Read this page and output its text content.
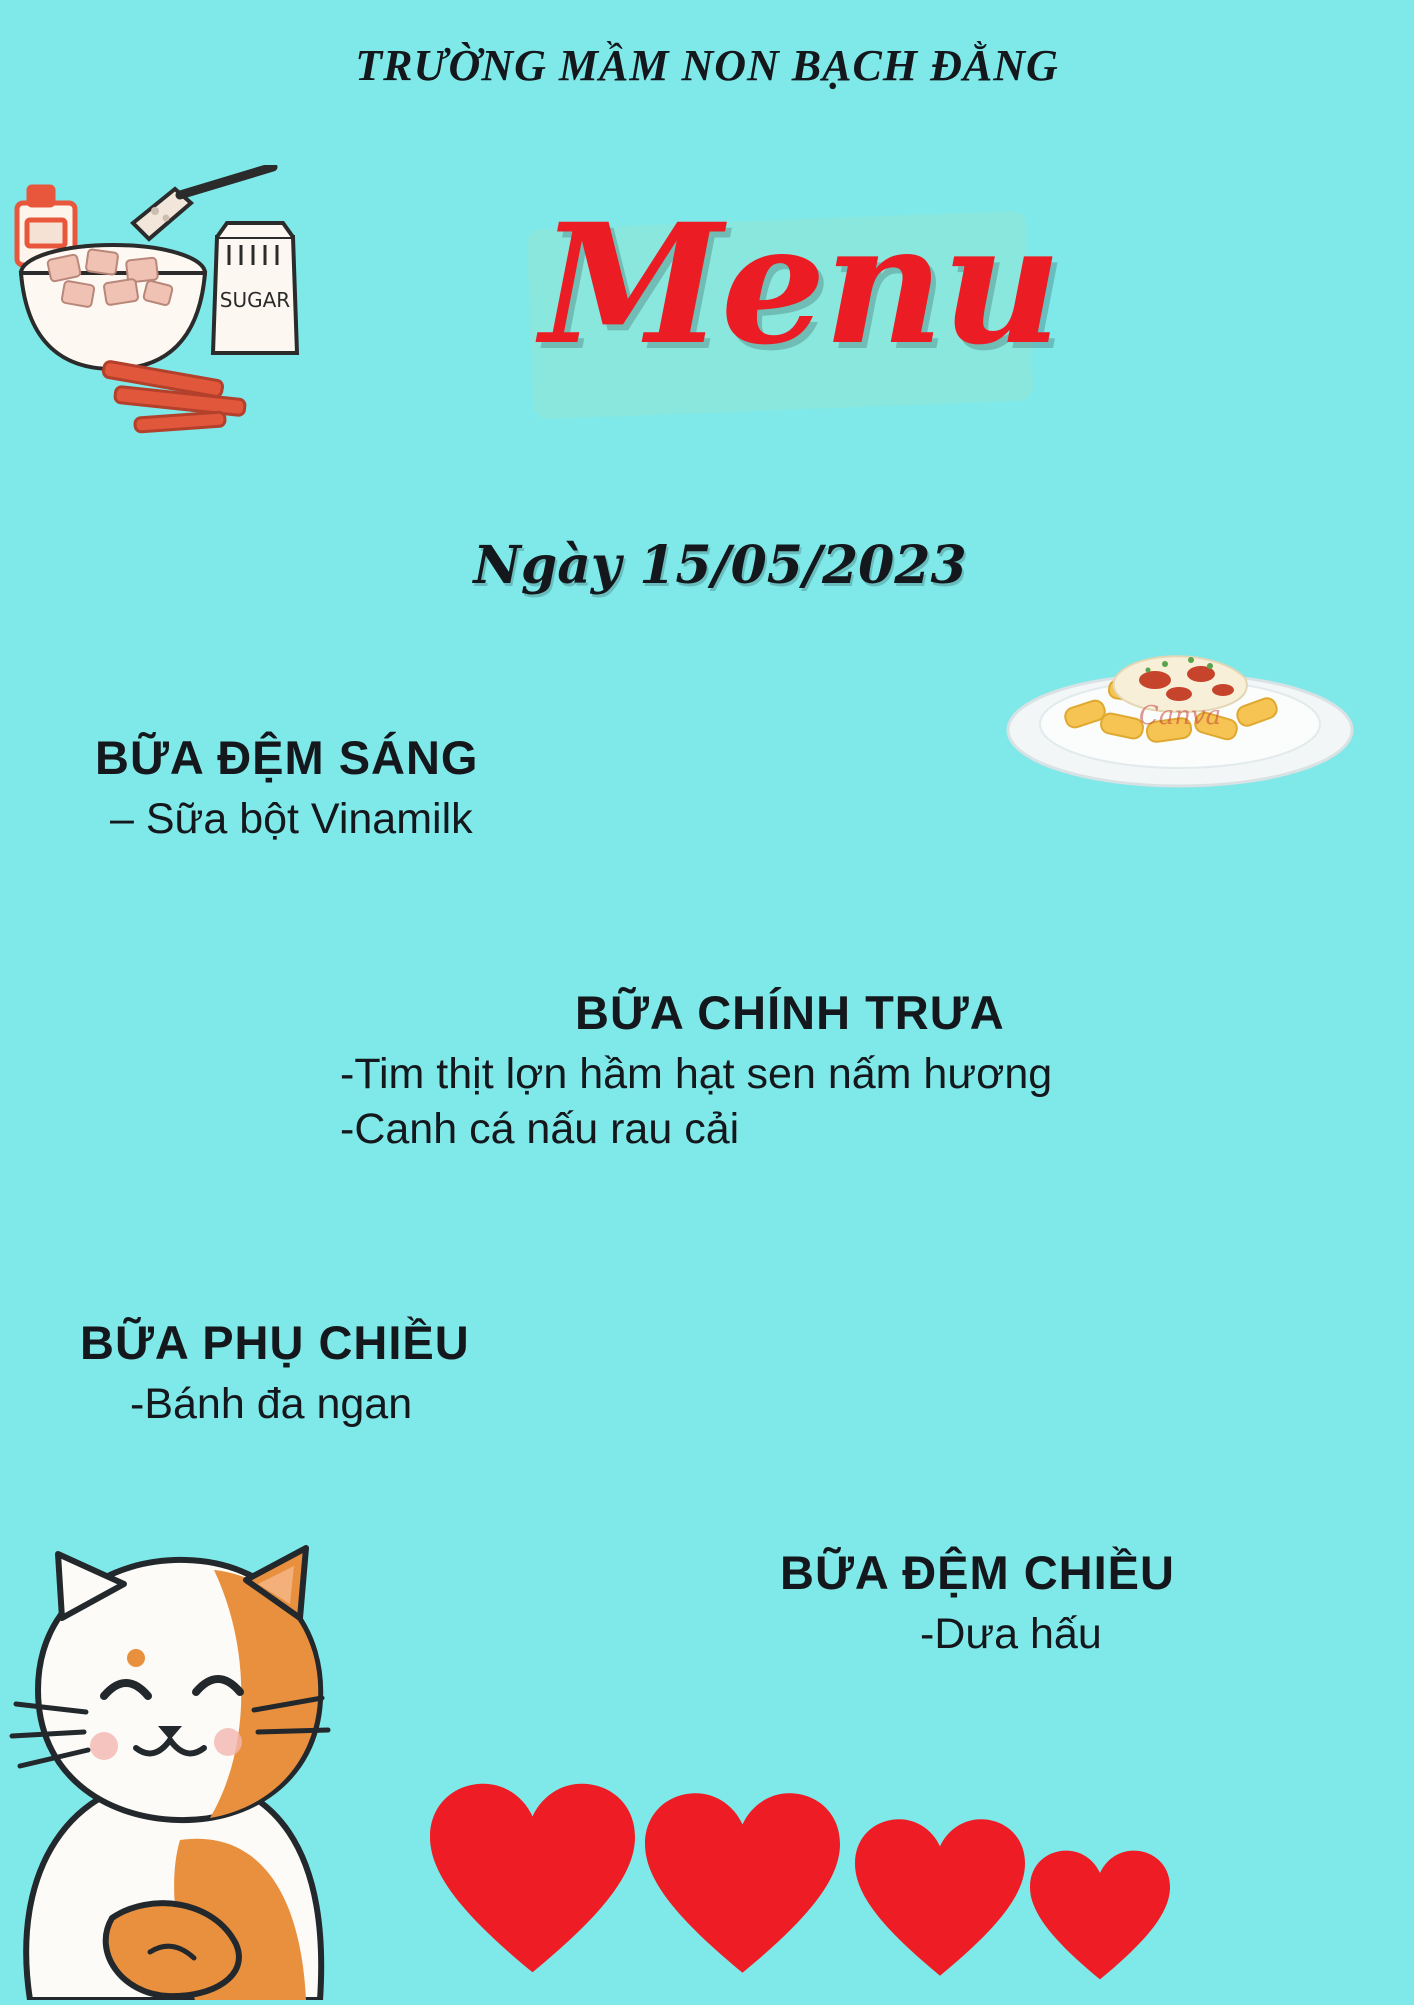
TRƯỜNG MẦM NON BẠCH ĐẰNG
SUGAR Menu
Ngày 15/05/2023
Canva
BỮA ĐỆM SÁNG
– Sữa bột Vinamilk
BỮA CHÍNH TRƯA
-Tim thịt lợn hầm hạt sen nấm hương
-Canh cá nấu rau cải
BỮA PHỤ CHIỀU
-Bánh đa ngan
BỮA ĐỆM CHIỀU
-Dưa hấu
